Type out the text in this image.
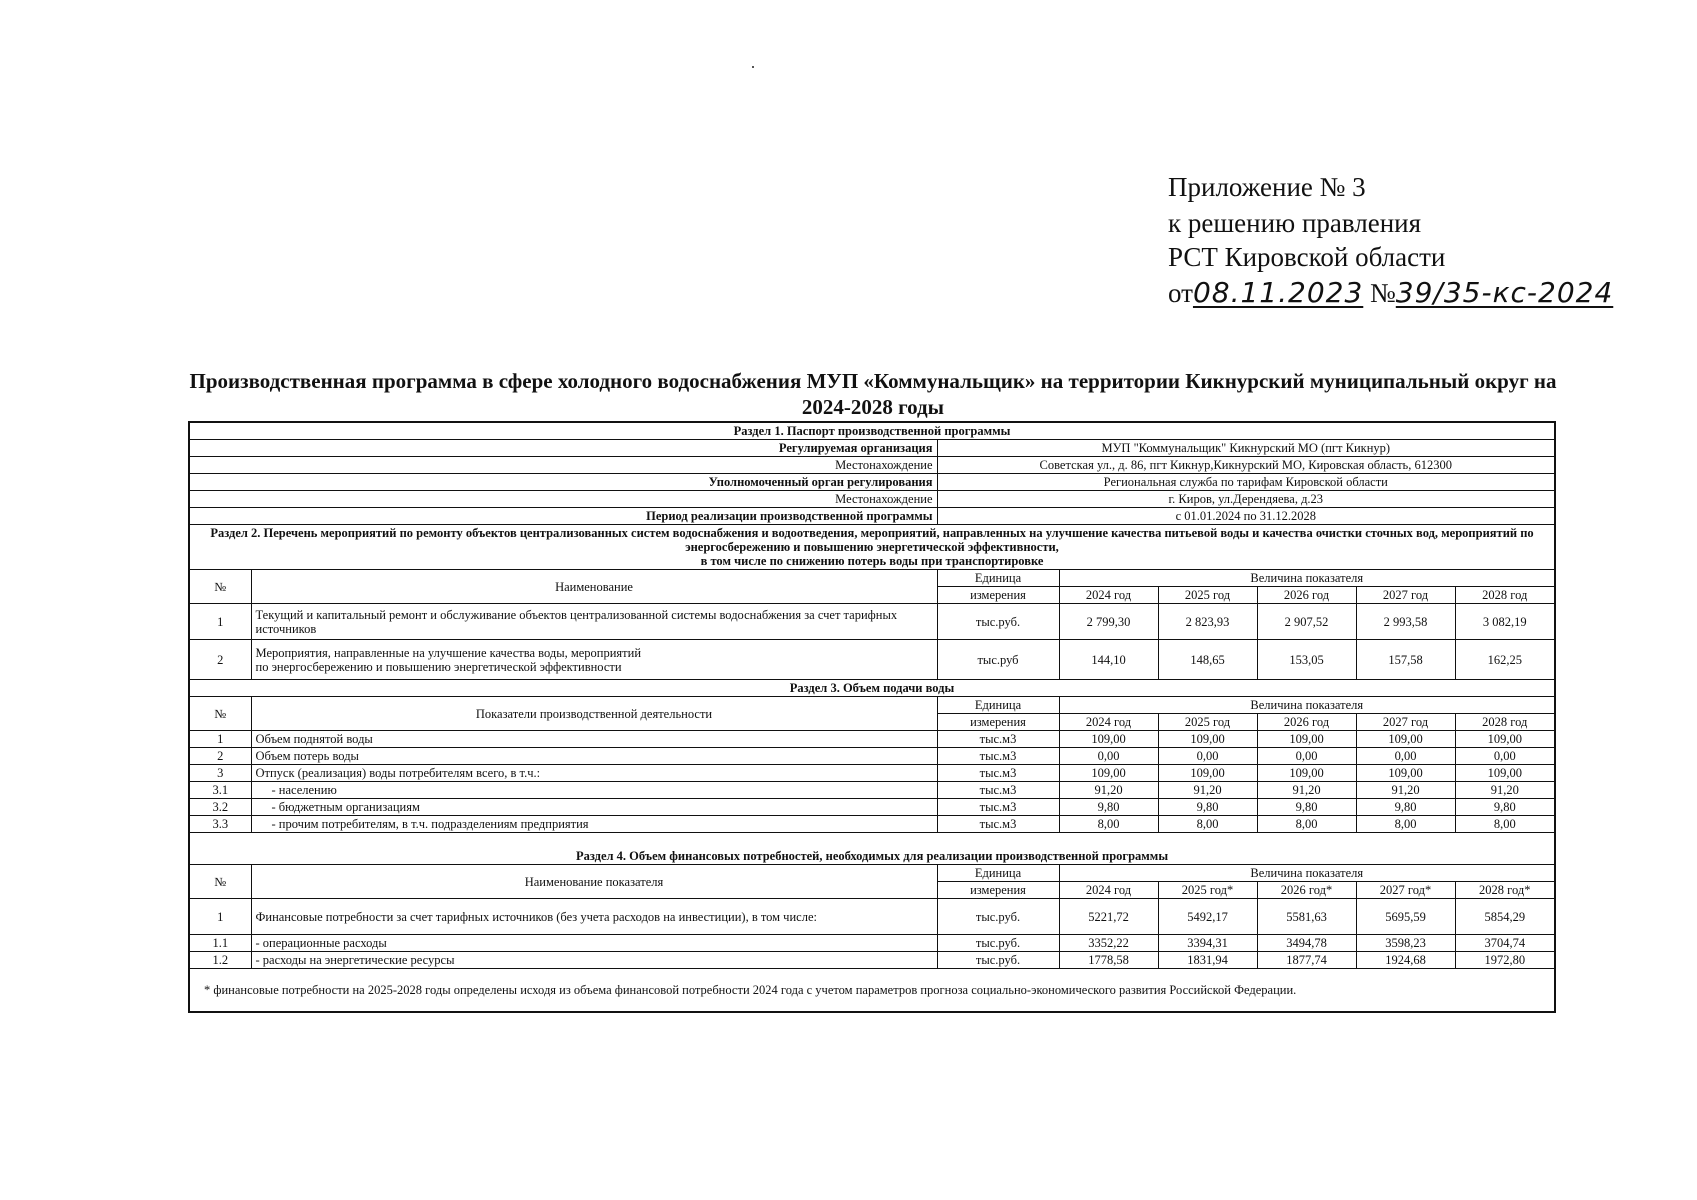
Приложение № 3
к решению правления
РСТ Кировской области
от08.11.2023 №39/35-кс-2024
Производственная программа в сфере холодного водоснабжения МУП «Коммунальщик» на территории Кикнурский муниципальный округ на 2024-2028 годы
Раздел 1. Паспорт производственной программы							
Регулируемая организация		МУП "Коммунальщик" Кикнурский МО (пгт Кикнур)					
Местонахождение		Советская ул., д. 86, пгт Кикнур,Кикнурский МО, Кировская область, 612300					
Уполномоченный орган регулирования		Региональная служба по тарифам Кировской области					
Местонахождение		г. Киров, ул.Дерендяева, д.23					
Период реализации производственной программы		с 01.01.2024 по 31.12.2028					
Раздел 2. Перечень мероприятий по ремонту объектов централизованных систем водоснабжения и водоотведения, мероприятий, направленных на улучшение качества питьевой воды и качества очистки сточных вод, мероприятий по энергосбережению и повышению энергетической эффективности,
в том числе по снижению потерь воды при транспортировке							
№	Наименование	Единица	Величина показателя				
		измерения	2024 год	2025 год	2026 год	2027 год	2028 год
1	Текущий и капитальный ремонт и обслуживание объектов централизованной системы водоснабжения за счет тарифных источников	тыс.руб.	2 799,30	2 823,93	2 907,52	2 993,58	3 082,19
2	Мероприятия, направленные на улучшение качества воды, мероприятий
по энергосбережению и повышению энергетической эффективности	тыс.руб	144,10	148,65	153,05	157,58	162,25
Раздел 3. Объем подачи воды							
№	Показатели производственной деятельности	Единица	Величина показателя				
		измерения	2024 год	2025 год	2026 год	2027 год	2028 год
1	Объем поднятой воды	тыс.м3	109,00	109,00	109,00	109,00	109,00
2	Объем потерь воды	тыс.м3	0,00	0,00	0,00	0,00	0,00
3	Отпуск (реализация) воды потребителям всего, в т.ч.:	тыс.м3	109,00	109,00	109,00	109,00	109,00
3.1	- населению	тыс.м3	91,20	91,20	91,20	91,20	91,20
3.2	- бюджетным организациям	тыс.м3	9,80	9,80	9,80	9,80	9,80
3.3	- прочим потребителям, в т.ч. подразделениям предприятия	тыс.м3	8,00	8,00	8,00	8,00	8,00
Раздел 4. Объем финансовых потребностей, необходимых для реализации производственной программы							
№	Наименование показателя	Единица	Величина показателя				
		измерения	2024 год	2025 год*	2026 год*	2027 год*	2028 год*
1	Финансовые потребности за счет тарифных источников (без учета расходов на инвестиции), в том числе:	тыс.руб.	5221,72	5492,17	5581,63	5695,59	5854,29
1.1	- операционные расходы	тыс.руб.	3352,22	3394,31	3494,78	3598,23	3704,74
1.2	- расходы на энергетические ресурсы	тыс.руб.	1778,58	1831,94	1877,74	1924,68	1972,80
* финансовые потребности на 2025-2028 годы определены исходя из объема финансовой потребности 2024 года с учетом параметров прогноза социально-экономического развития Российской Федерации.							
